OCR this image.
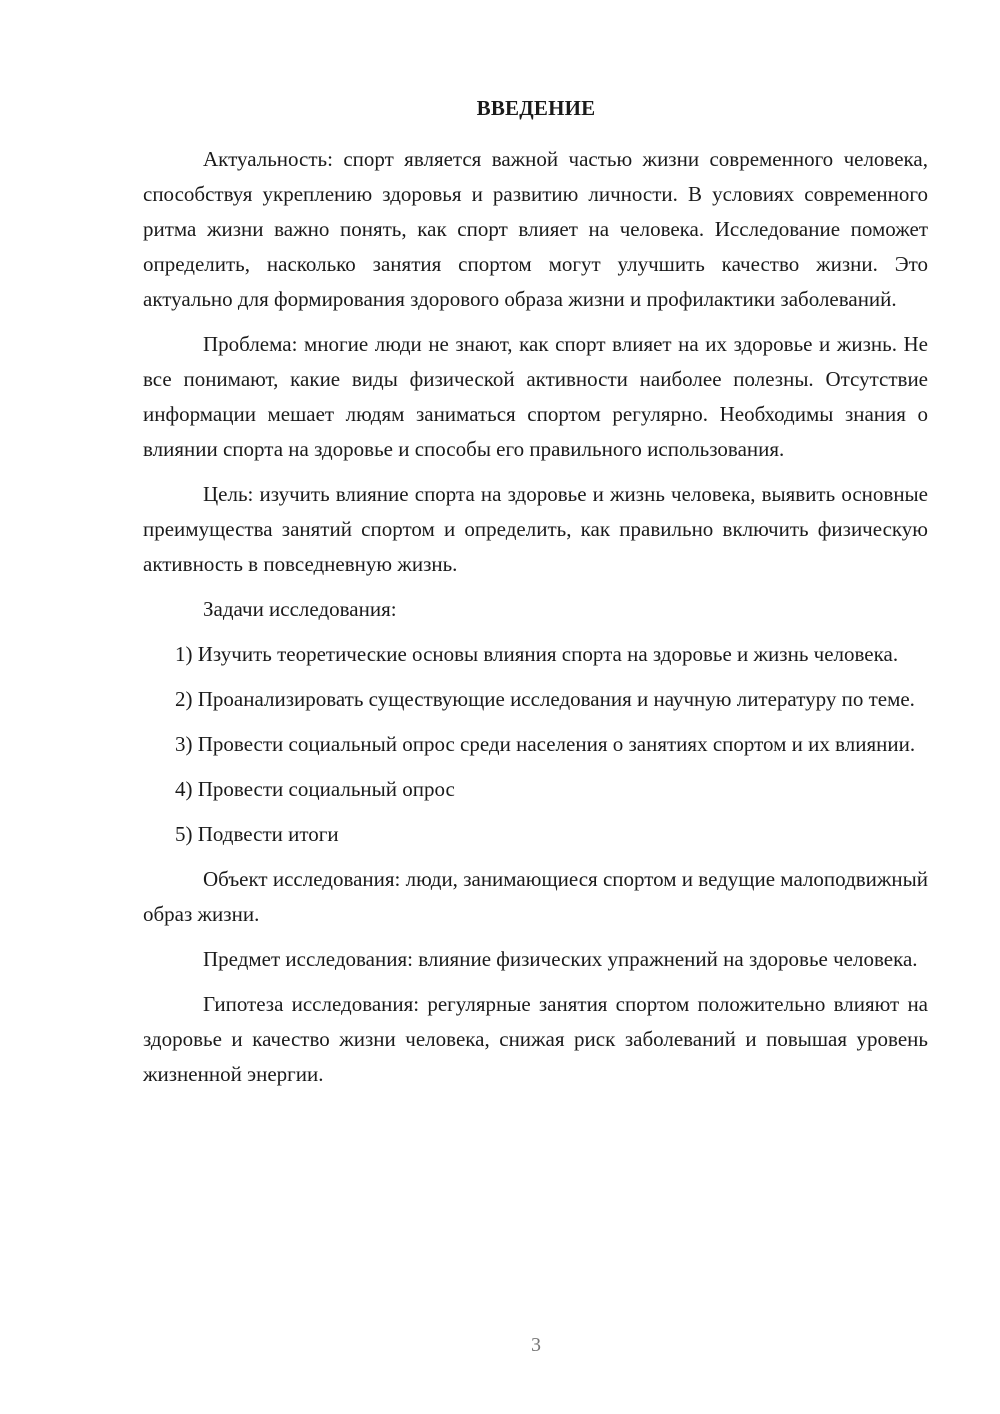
ВВЕДЕНИЕ

Актуальность: спорт является важной частью жизни современного человека, способствуя укреплению здоровья и развитию личности. В условиях современного ритма жизни важно понять, как спорт влияет на человека. Исследование поможет определить, насколько занятия спортом могут улучшить качество жизни. Это актуально для формирования здорового образа жизни и профилактики заболеваний.

Проблема: многие люди не знают, как спорт влияет на их здоровье и жизнь. Не все понимают, какие виды физической активности наиболее полезны. Отсутствие информации мешает людям заниматься спортом регулярно. Необходимы знания о влиянии спорта на здоровье и способы его правильного использования.

Цель: изучить влияние спорта на здоровье и жизнь человека, выявить основные преимущества занятий спортом и определить, как правильно включить физическую активность в повседневную жизнь.

Задачи исследования:

1) Изучить теоретические основы влияния спорта на здоровье и жизнь человека.

2) Проанализировать существующие исследования и научную литературу по теме.

3) Провести социальный опрос среди населения о занятиях спортом и их влиянии.

4) Провести социальный опрос

5) Подвести итоги

Объект исследования: люди, занимающиеся спортом и ведущие малоподвижный образ жизни.

Предмет исследования: влияние физических упражнений на здоровье человека.

Гипотеза исследования: регулярные занятия спортом положительно влияют на здоровье и качество жизни человека, снижая риск заболеваний и повышая уровень жизненной энергии.

3
